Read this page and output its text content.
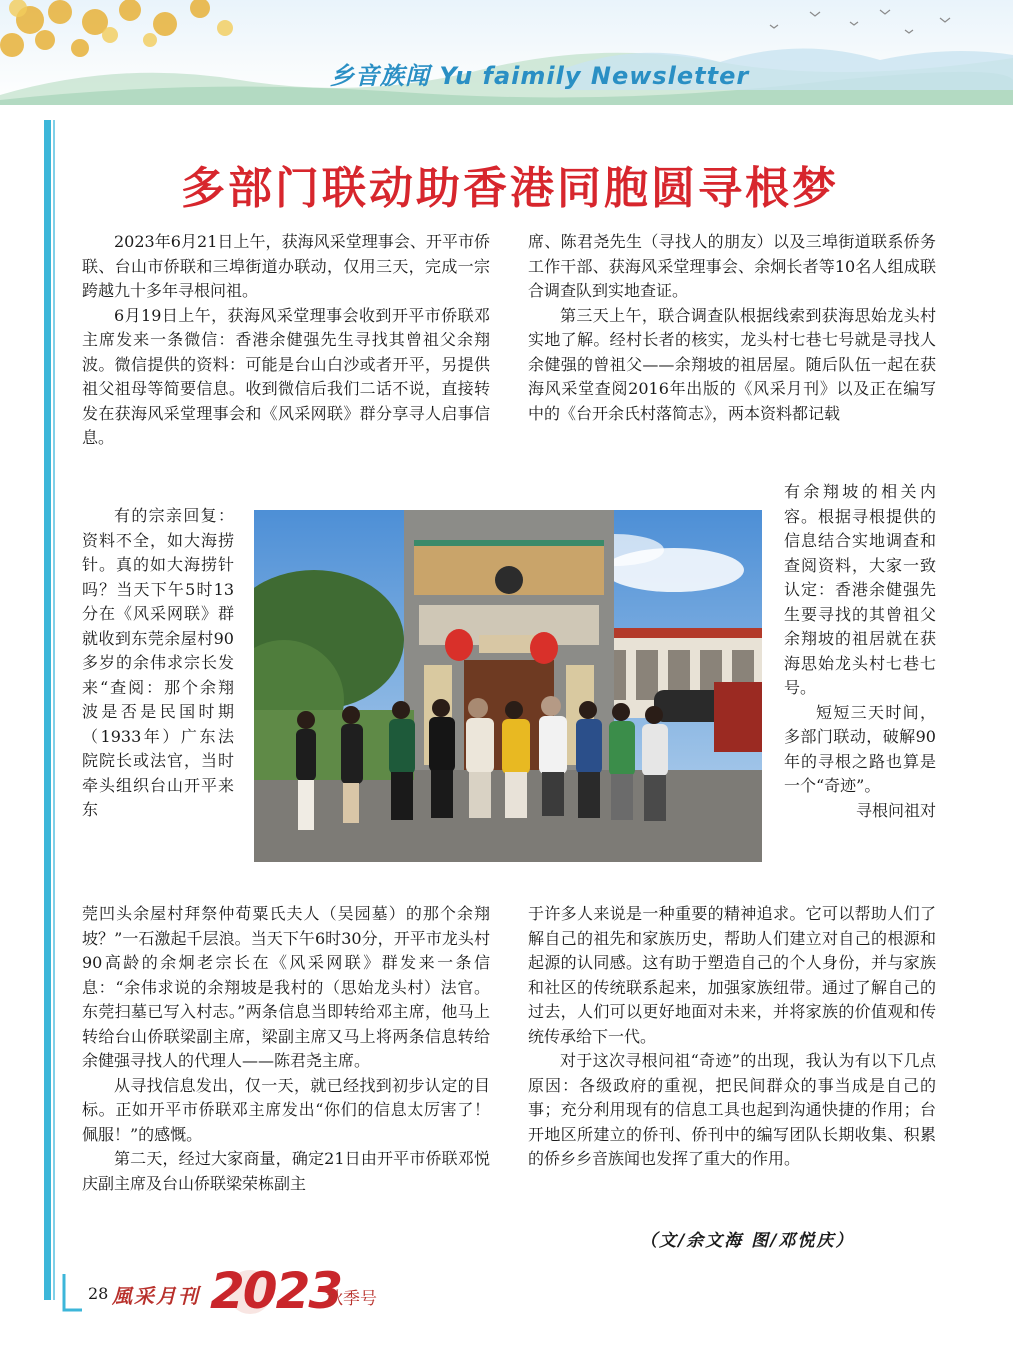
乡音族闻 Yu faimily Newsletter
多部门联动助香港同胞圆寻根梦

2023年6月21日上午，获海风采堂理事会、开平市侨联、台山市侨联和三埠街道办联动，仅用三天，完成一宗跨越九十多年寻根问祖。

6月19日上午，获海风采堂理事会收到开平市侨联邓主席发来一条微信：香港余健强先生寻找其曾祖父余翔波。微信提供的资料：可能是台山白沙或者开平，另提供祖父祖母等简要信息。收到微信后我们二话不说，直接转发在获海风采堂理事会和《风采网联》群分享寻人启事信息。

有的宗亲回复：资料不全，如大海捞针。真的如大海捞针吗？当天下午5时13分在《风采网联》群就收到东莞余屋村90多岁的余伟求宗长发来“查阅：那个余翔波是否是民国时期（1933年）广东法院院长或法官，当时牵头组织台山开平来东

莞凹头余屋村拜祭仲荀粟氏夫人（吴园墓）的那个余翔坡？”一石激起千层浪。当天下午6时30分，开平市龙头村90高龄的余炯老宗长在《风采网联》群发来一条信息：“余伟求说的余翔坡是我村的（思始龙头村）法官。东莞扫墓已写入村志。”两条信息当即转给邓主席，他马上转给台山侨联梁副主席，梁副主席又马上将两条信息转给余健强寻找人的代理人——陈君尧主席。

从寻找信息发出，仅一天，就已经找到初步认定的目标。正如开平市侨联邓主席发出“你们的信息太厉害了！佩服！”的感慨。

第二天，经过大家商量，确定21日由开平市侨联邓悦庆副主席及台山侨联梁荣栋副主

席、陈君尧先生（寻找人的朋友）以及三埠街道联系侨务工作干部、获海风采堂理事会、余炯长者等10名人组成联合调查队到实地查证。

第三天上午，联合调查队根据线索到获海思始龙头村实地了解。经村长者的核实，龙头村七巷七号就是寻找人余健强的曾祖父——余翔坡的祖居屋。随后队伍一起在获海风采堂查阅2016年出版的《风采月刊》以及正在编写中的《台开余氏村落简志》，两本资料都记载

有余翔坡的相关内容。根据寻根提供的信息结合实地调查和查阅资料，大家一致认定：香港余健强先生要寻找的其曾祖父余翔坡的祖居就在获海思始龙头村七巷七号。

短短三天时间，多部门联动，破解90年的寻根之路也算是一个“奇迹”。

寻根问祖对

于许多人来说是一种重要的精神追求。它可以帮助人们了解自己的祖先和家族历史，帮助人们建立对自己的根源和起源的认同感。这有助于塑造自己的个人身份，并与家族和社区的传统联系起来，加强家族纽带。通过了解自己的过去，人们可以更好地面对未来，并将家族的价值观和传统传承给下一代。

对于这次寻根问祖“奇迹”的出现，我认为有以下几点原因：各级政府的重视，把民间群众的事当成是自己的事；充分利用现有的信息工具也起到沟通快捷的作用；台开地区所建立的侨刊、侨刊中的编写团队长期收集、积累的侨乡乡音族闻也发挥了重大的作用。

（文/余文海 图/邓悦庆）
28 風采月刊 2023
秋季号
